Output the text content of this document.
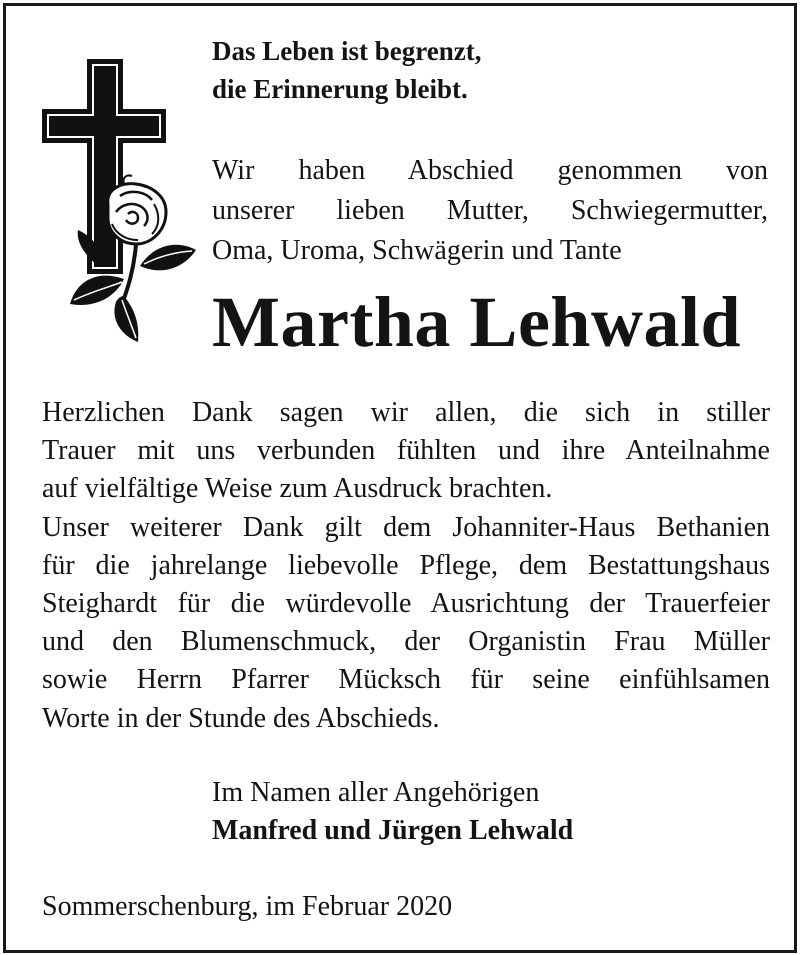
Das Leben ist begrenzt,
die Erinnerung bleibt.
Wir haben Abschied genommen von
unserer lieben Mutter, Schwiegermutter,
Oma, Uroma, Schwägerin und Tante
Martha Lehwald
Herzlichen Dank sagen wir allen, die sich in stiller
Trauer mit uns verbunden fühlten und ihre Anteilnahme
auf vielfältige Weise zum Ausdruck brachten.
Unser weiterer Dank gilt dem Johanniter-Haus Bethanien
für die jahrelange liebevolle Pflege, dem Bestattungshaus
Steighardt für die würdevolle Ausrichtung der Trauerfeier
und den Blumenschmuck, der Organistin Frau Müller
sowie Herrn Pfarrer Mücksch für seine einfühlsamen
Worte in der Stunde des Abschieds.
Im Namen aller Angehörigen
Manfred und Jürgen Lehwald
Sommerschenburg, im Februar 2020
